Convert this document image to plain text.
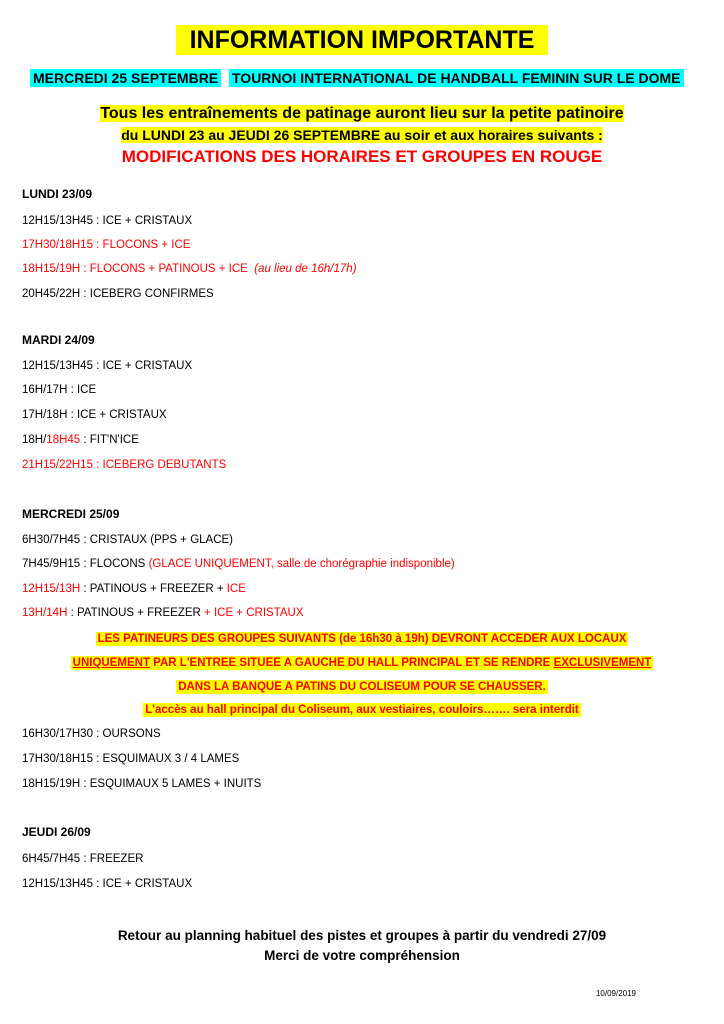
INFORMATION IMPORTANTE
MERCREDI 25 SEPTEMBRE TOURNOI INTERNATIONAL DE HANDBALL FEMININ SUR LE DOME
Tous les entraînements de patinage auront lieu sur la petite patinoire
du LUNDI 23 au JEUDI 26 SEPTEMBRE au soir et aux horaires suivants :
MODIFICATIONS DES HORAIRES ET GROUPES EN ROUGE
LUNDI 23/09
12H15/13H45 : ICE + CRISTAUX
17H30/18H15 : FLOCONS + ICE
18H15/19H : FLOCONS + PATINOUS + ICE (au lieu de 16h/17h)
20H45/22H : ICEBERG CONFIRMES
MARDI 24/09
12H15/13H45 : ICE + CRISTAUX
16H/17H : ICE
17H/18H : ICE + CRISTAUX
18H/18H45 : FIT'N'ICE
21H15/22H15 : ICEBERG DEBUTANTS
MERCREDI 25/09
6H30/7H45 : CRISTAUX (PPS + GLACE)
7H45/9H15 : FLOCONS (GLACE UNIQUEMENT, salle de chorégraphie indisponible)
12H15/13H : PATINOUS + FREEZER + ICE
13H/14H : PATINOUS + FREEZER + ICE + CRISTAUX
LES PATINEURS DES GROUPES SUIVANTS (de 16h30 à 19h) DEVRONT ACCEDER AUX LOCAUX
UNIQUEMENT PAR L'ENTREE SITUEE A GAUCHE DU HALL PRINCIPAL ET SE RENDRE EXCLUSIVEMENT
DANS LA BANQUE A PATINS DU COLISEUM POUR SE CHAUSSER.
L'accès au hall principal du Coliseum, aux vestiaires, couloirs……. sera interdit
16H30/17H30 : OURSONS
17H30/18H15 : ESQUIMAUX 3 / 4 LAMES
18H15/19H : ESQUIMAUX 5 LAMES + INUITS
JEUDI 26/09
6H45/7H45 : FREEZER
12H15/13H45 : ICE + CRISTAUX
Retour au planning habituel des pistes et groupes à partir du vendredi 27/09
Merci de votre compréhension
10/09/2019
